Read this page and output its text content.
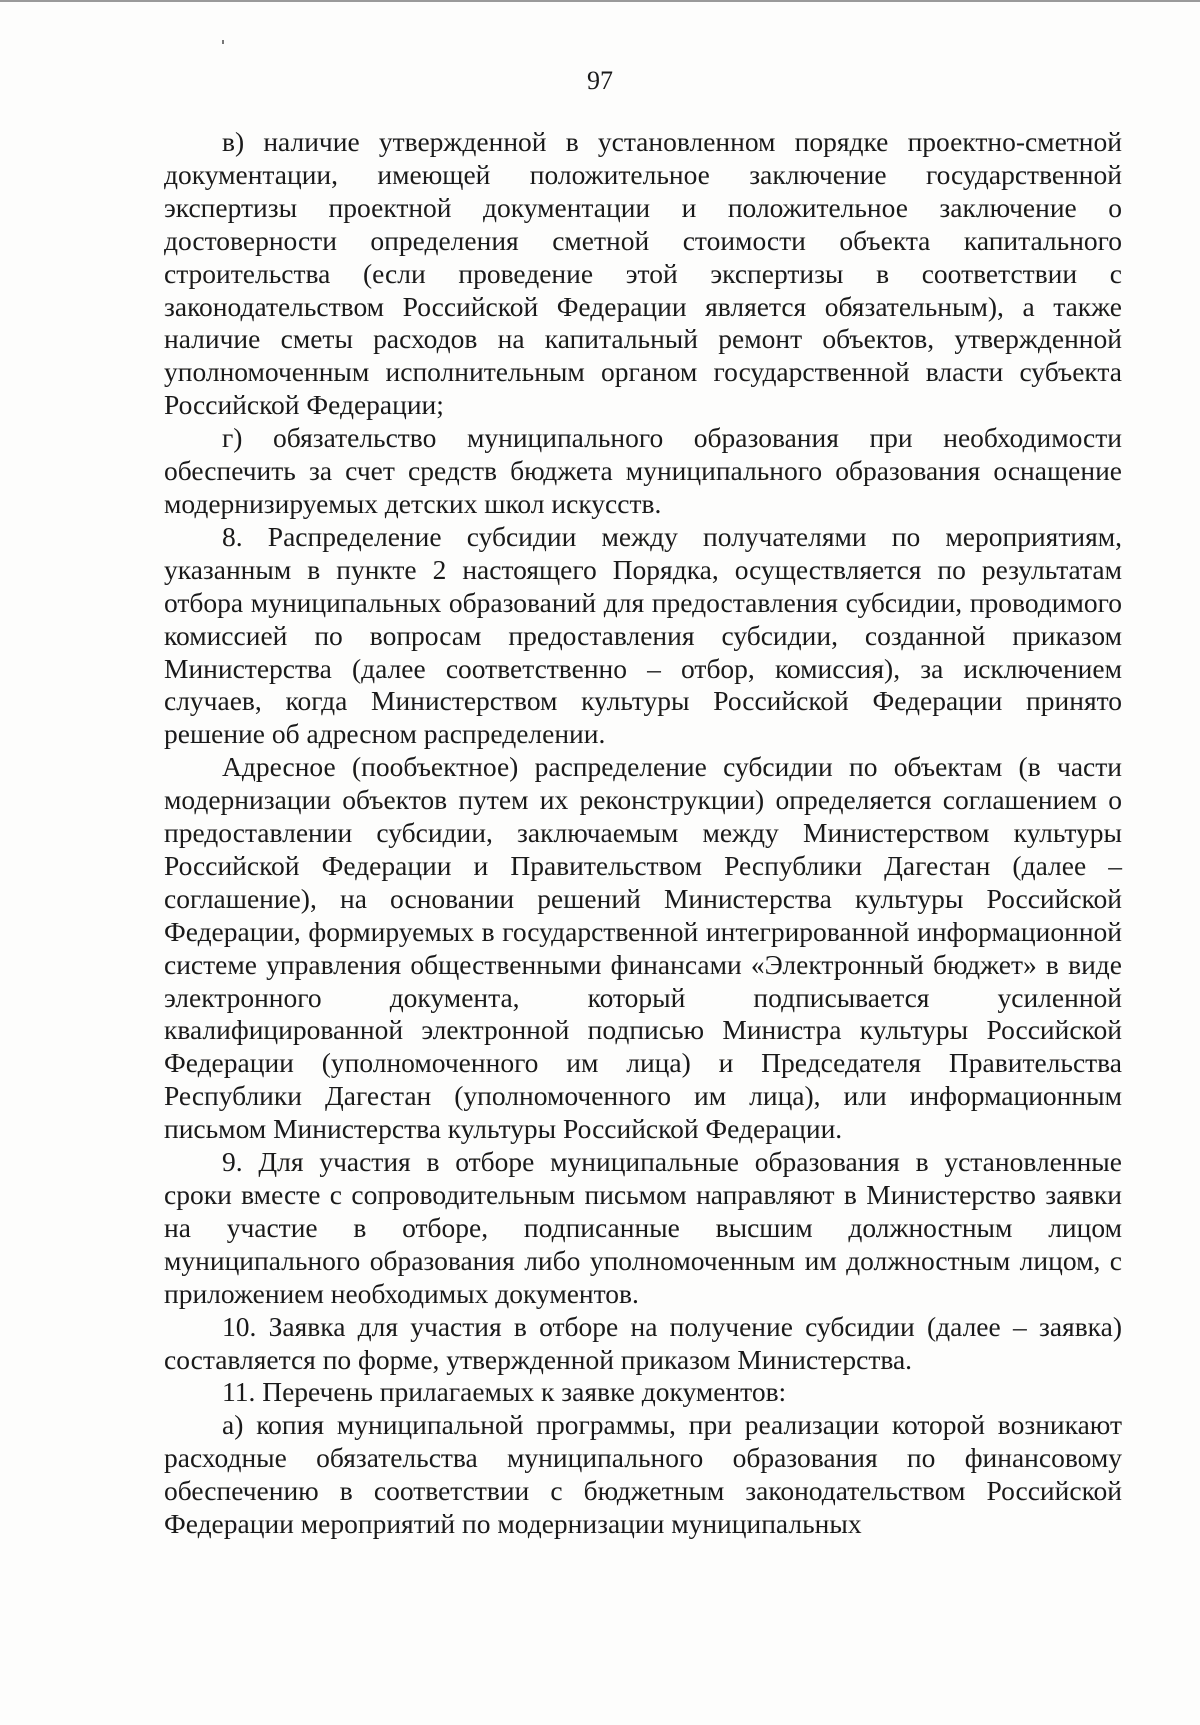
97

в) наличие утвержденной в установленном порядке проектно-сметной документации, имеющей положительное заключение государственной экспертизы проектной документации и положительное заключение о достоверности определения сметной стоимости объекта капитального строительства (если проведение этой экспертизы в соответствии с законодательством Российской Федерации является обязательным), а также наличие сметы расходов на капитальный ремонт объектов, утвержденной уполномоченным исполнительным органом государственной власти субъекта Российской Федерации;

г) обязательство муниципального образования при необходимости обеспечить за счет средств бюджета муниципального образования оснащение модернизируемых детских школ искусств.

8. Распределение субсидии между получателями по мероприятиям, указанным в пункте 2 настоящего Порядка, осуществляется по результатам отбора муниципальных образований для предоставления субсидии, проводимого комиссией по вопросам предоставления субсидии, созданной приказом Министерства (далее соответственно – отбор, комиссия), за исключением случаев, когда Министерством культуры Российской Федерации принято решение об адресном распределении.

Адресное (пообъектное) распределение субсидии по объектам (в части модернизации объектов путем их реконструкции) определяется соглашением о предоставлении субсидии, заключаемым между Министерством культуры Российской Федерации и Правительством Республики Дагестан (далее – соглашение), на основании решений Министерства культуры Российской Федерации, формируемых в государственной интегрированной информационной системе управления общественными финансами «Электронный бюджет» в виде электронного документа, который подписывается усиленной квалифицированной электронной подписью Министра культуры Российской Федерации (уполномоченного им лица) и Председателя Правительства Республики Дагестан (уполномоченного им лица), или информационным письмом Министерства культуры Российской Федерации.

9. Для участия в отборе муниципальные образования в установленные сроки вместе с сопроводительным письмом направляют в Министерство заявки на участие в отборе, подписанные высшим должностным лицом муниципального образования либо уполномоченным им должностным лицом, с приложением необходимых документов.

10. Заявка для участия в отборе на получение субсидии (далее – заявка) составляется по форме, утвержденной приказом Министерства.

11. Перечень прилагаемых к заявке документов:

а) копия муниципальной программы, при реализации которой возникают расходные обязательства муниципального образования по финансовому обеспечению в соответствии с бюджетным законодательством Российской Федерации мероприятий по модернизации муниципальных
